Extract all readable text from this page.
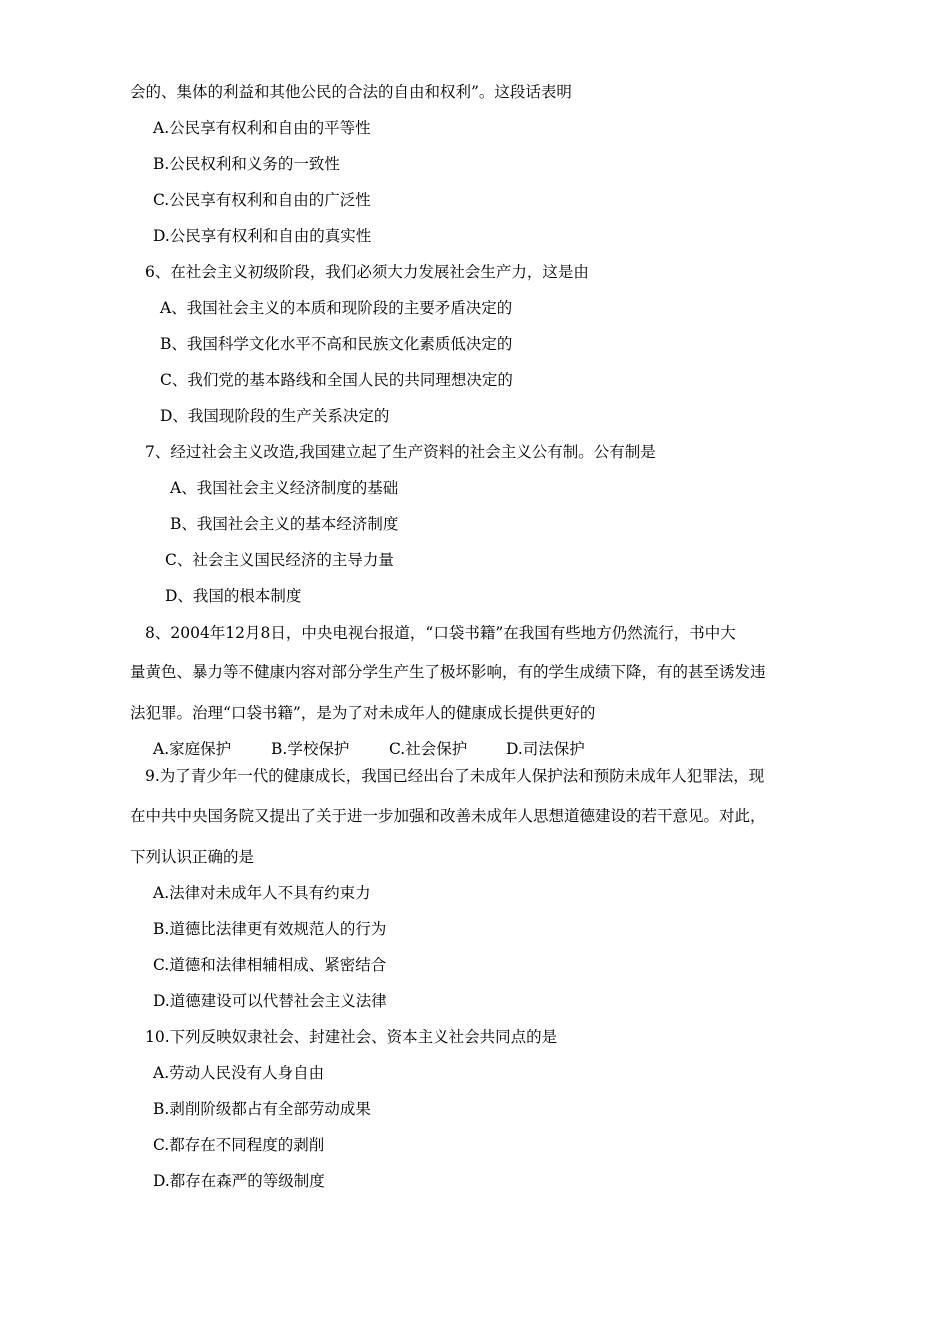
会的、集体的利益和其他公民的合法的自由和权利”。这段话表明
A.公民享有权利和自由的平等性
B.公民权利和义务的一致性
C.公民享有权利和自由的广泛性
D.公民享有权利和自由的真实性
6、在社会主义初级阶段，我们必须大力发展社会生产力，这是由
A、我国社会主义的本质和现阶段的主要矛盾决定的
B、我国科学文化水平不高和民族文化素质低决定的
C、我们党的基本路线和全国人民的共同理想决定的
D、我国现阶段的生产关系决定的
7、经过社会主义改造,我国建立起了生产资料的社会主义公有制。公有制是
A、我国社会主义经济制度的基础
B、我国社会主义的基本经济制度
C、社会主义国民经济的主导力量
D、我国的根本制度
8、2004年12月8日，中央电视台报道，“口袋书籍”在我国有些地方仍然流行，书中大
量黄色、暴力等不健康内容对部分学生产生了极坏影响，有的学生成绩下降，有的甚至诱发违
法犯罪。治理“口袋书籍”，是为了对未成年人的健康成长提供更好的
A.家庭保护	B.学校保护	C.社会保护	D.司法保护
9.为了青少年一代的健康成长，我国已经出台了未成年人保护法和预防未成年人犯罪法，现
在中共中央国务院又提出了关于进一步加强和改善未成年人思想道德建设的若干意见。对此，
下列认识正确的是
A.法律对未成年人不具有约束力
B.道德比法律更有效规范人的行为
C.道德和法律相辅相成、紧密结合
D.道德建设可以代替社会主义法律
10.下列反映奴隶社会、封建社会、资本主义社会共同点的是
A.劳动人民没有人身自由
B.剥削阶级都占有全部劳动成果
C.都存在不同程度的剥削
D.都存在森严的等级制度
